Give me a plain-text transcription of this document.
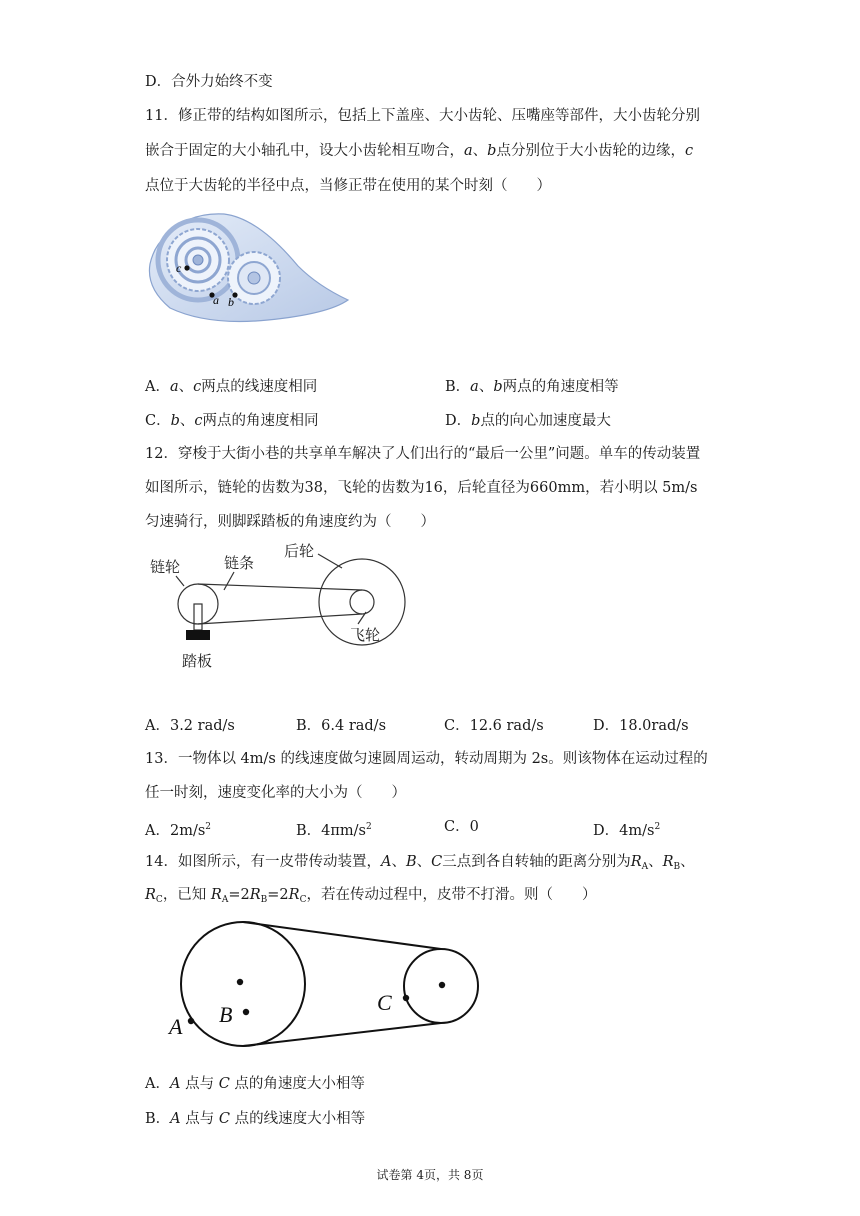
D．合外力始终不变
11．修正带的结构如图所示，包括上下盖座、大小齿轮、压嘴座等部件，大小齿轮分别
嵌合于固定的大小轴孔中，设大小齿轮相互吻合，a、b点分别位于大小齿轮的边缘，c
点位于大齿轮的半径中点，当修正带在使用的某个时刻（　　）
c
a b
A．a、c两点的线速度相同	B．a、b两点的角速度相等
C．b、c两点的角速度相同	D．b点的向心加速度最大
12．穿梭于大街小巷的共享单车解决了人们出行的“最后一公里”问题。单车的传动装置
如图所示，链轮的齿数为38，飞轮的齿数为16，后轮直径为660mm，若小明以 5m/s
匀速骑行，则脚踩踏板的角速度约为（　　）
链轮	链条
后轮
飞轮
踏板
A．3.2 rad/s	B．6.4 rad/s	C．12.6 rad/s	D．18.0rad/s
13．一物体以 4m/s 的线速度做匀速圆周运动，转动周期为 2s。则该物体在运动过程的
任一时刻，速度变化率的大小为（　　）
A．$2m/s^2$	B．$4\pi m/s^2$	C．0	D．$4m/s^2$
14．如图所示，有一皮带传动装置，A、B、C三点到各自转轴的距离分别为$R_A$、$R_B$、
$R_C$，已知 $R_A=2R_B=2R_C$，若在传动过程中，皮带不打滑。则（　　）
A B	C
A．A 点与 C 点的角速度大小相等
B．A 点与 C 点的线速度大小相等
试卷第 4页，共 8页
